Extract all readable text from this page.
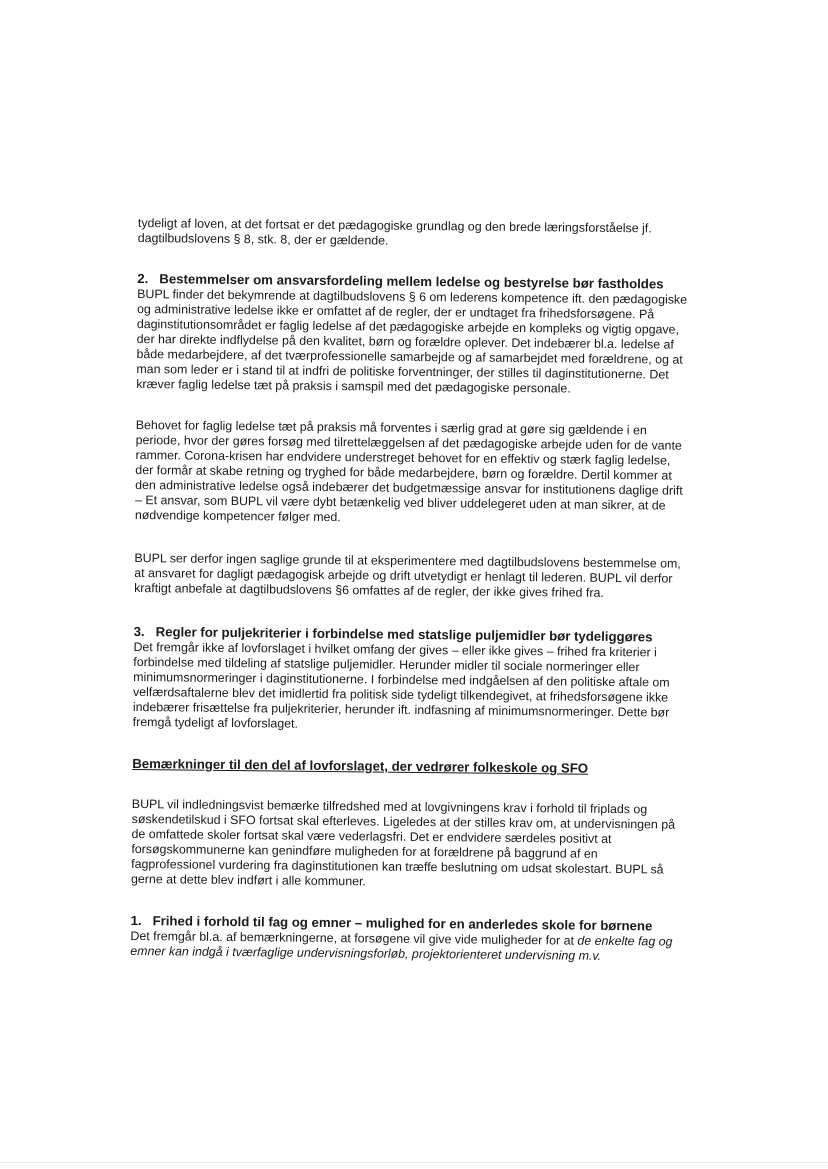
tydeligt af loven, at det fortsat er det pædagogiske grundlag og den brede læringsforståelse jf. dagtilbudslovens § 8, stk. 8, der er gældende.

2. Bestemmelser om ansvarsfordeling mellem ledelse og bestyrelse bør fastholdes

BUPL finder det bekymrende at dagtilbudslovens § 6 om lederens kompetence ift. den pædagogiske og administrative ledelse ikke er omfattet af de regler, der er undtaget fra frihedsforsøgene. På daginstitutionsområdet er faglig ledelse af det pædagogiske arbejde en kompleks og vigtig opgave, der har direkte indflydelse på den kvalitet, børn og forældre oplever. Det indebærer bl.a. ledelse af både medarbejdere, af det tværprofessionelle samarbejde og af samarbejdet med forældrene, og at man som leder er i stand til at indfri de politiske forventninger, der stilles til daginstitutionerne. Det kræver faglig ledelse tæt på praksis i samspil med det pædagogiske personale.

Behovet for faglig ledelse tæt på praksis må forventes i særlig grad at gøre sig gældende i en periode, hvor der gøres forsøg med tilrettelæggelsen af det pædagogiske arbejde uden for de vante rammer. Corona-krisen har endvidere understreget behovet for en effektiv og stærk faglig ledelse, der formår at skabe retning og tryghed for både medarbejdere, børn og forældre. Dertil kommer at den administrative ledelse også indebærer det budgetmæssige ansvar for institutionens daglige drift – Et ansvar, som BUPL vil være dybt betænkelig ved bliver uddelegeret uden at man sikrer, at de nødvendige kompetencer følger med.

BUPL ser derfor ingen saglige grunde til at eksperimentere med dagtilbudslovens bestemmelse om, at ansvaret for dagligt pædagogisk arbejde og drift utvetydigt er henlagt til lederen. BUPL vil derfor kraftigt anbefale at dagtilbudslovens §6 omfattes af de regler, der ikke gives frihed fra.

3. Regler for puljekriterier i forbindelse med statslige puljemidler bør tydeliggøres

Det fremgår ikke af lovforslaget i hvilket omfang der gives – eller ikke gives – frihed fra kriterier i forbindelse med tildeling af statslige puljemidler. Herunder midler til sociale normeringer eller minimumsnormeringer i daginstitutionerne. I forbindelse med indgåelsen af den politiske aftale om velfærdsaftalerne blev det imidlertid fra politisk side tydeligt tilkendegivet, at frihedsforsøgene ikke indebærer frisættelse fra puljekriterier, herunder ift. indfasning af minimumsnormeringer. Dette bør fremgå tydeligt af lovforslaget.

Bemærkninger til den del af lovforslaget, der vedrører folkeskole og SFO

BUPL vil indledningsvist bemærke tilfredshed med at lovgivningens krav i forhold til friplads og søskendetilskud i SFO fortsat skal efterleves. Ligeledes at der stilles krav om, at undervisningen på de omfattede skoler fortsat skal være vederlagsfri. Det er endvidere særdeles positivt at forsøgskommunerne kan genindføre muligheden for at forældrene på baggrund af en fagprofessionel vurdering fra daginstitutionen kan træffe beslutning om udsat skolestart. BUPL så gerne at dette blev indført i alle kommuner.

1. Frihed i forhold til fag og emner – mulighed for en anderledes skole for børnene

Det fremgår bl.a. af bemærkningerne, at forsøgene vil give vide muligheder for at de enkelte fag og emner kan indgå i tværfaglige undervisningsforløb, projektorienteret undervisning m.v.
